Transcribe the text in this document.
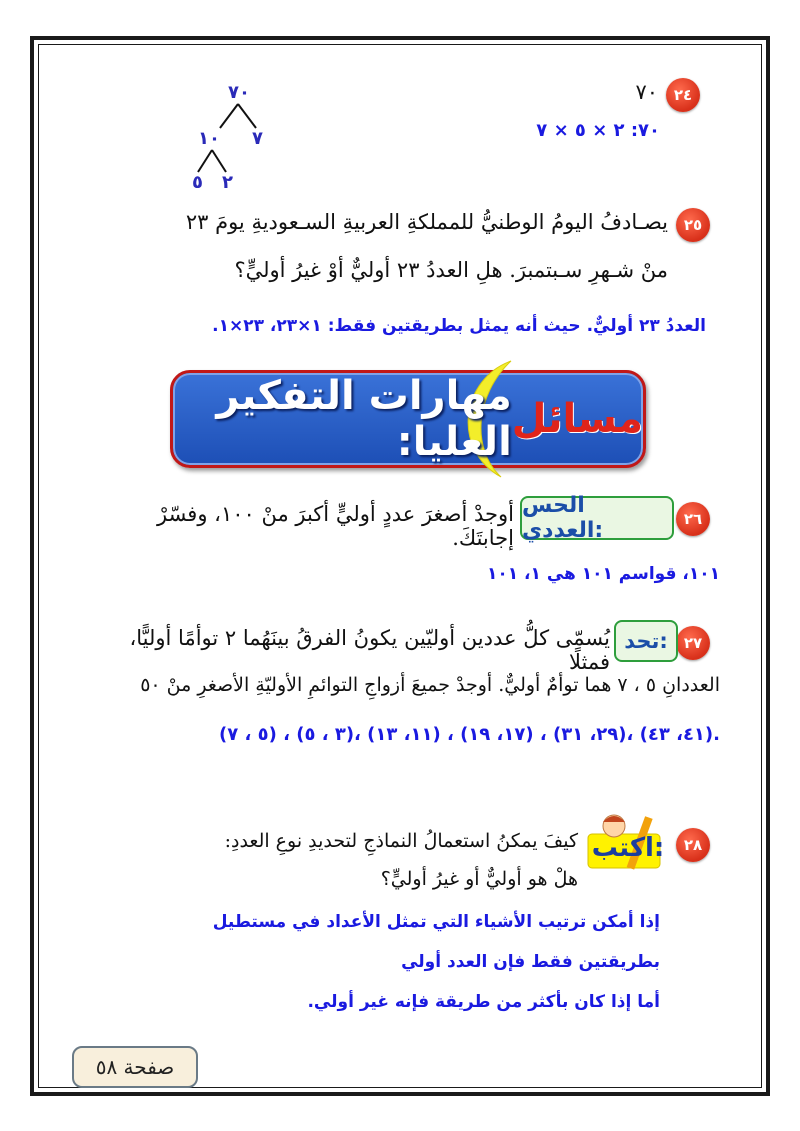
٢٤
٧٠
٧٠: ٢ × ٥ × ٧
٧٠
١٠ ٧
٥ ٢
٢٥
يصـادفُ اليومُ الوطنيُّ للمملكةِ العربيةِ السـعوديةِ يومَ ٢٣
منْ شـهرِ سـبتمبرَ. هلِ العددُ ٢٣ أوليٌّ أوْ غيرُ أوليٍّ؟
العددُ ٢٣ أوليٌّ. حيث أنه يمثل بطريقتين فقط: ١×٢٣، ٢٣×١.
مسائل
مهارات التفكير العليا:
٢٦
الحس العددي:
أوجدْ أصغرَ عددٍ أوليٍّ أكبرَ منْ ١٠٠، وفسّرْ إجابتَكَ.
١٠١، قواسم ١٠١ هي ١، ١٠١
٢٧
تحد:
يُسمّى كلُّ عددين أوليّين يكونُ الفرقُ بينَهُما ٢ توأمًا أوليًّا، فمثلًا
العددانِ ٥ ، ٧ هما توأمٌ أوليٌّ. أوجدْ جميعَ أزواجِ التوائمِ الأوليّةِ الأصغرِ منْ ٥٠
(٥ ، ٧) ، (٣ ، ٥)، (١١، ١٣) ، (١٧، ١٩) ، (٢٩، ٣١)، (٤١، ٤٣).
٢٨
اكتب:
كيفَ يمكنُ استعمالُ النماذجِ لتحديدِ نوعِ العددِ:
هلْ هو أوليٌّ أو غيرُ أوليٍّ؟
إذا أمكن ترتيب الأشياء التي تمثل الأعداد في مستطيل
بطريقتين فقط فإن العدد أولي
أما إذا كان بأكثر من طريقة فإنه غير أولي.
صفحة ٥٨
